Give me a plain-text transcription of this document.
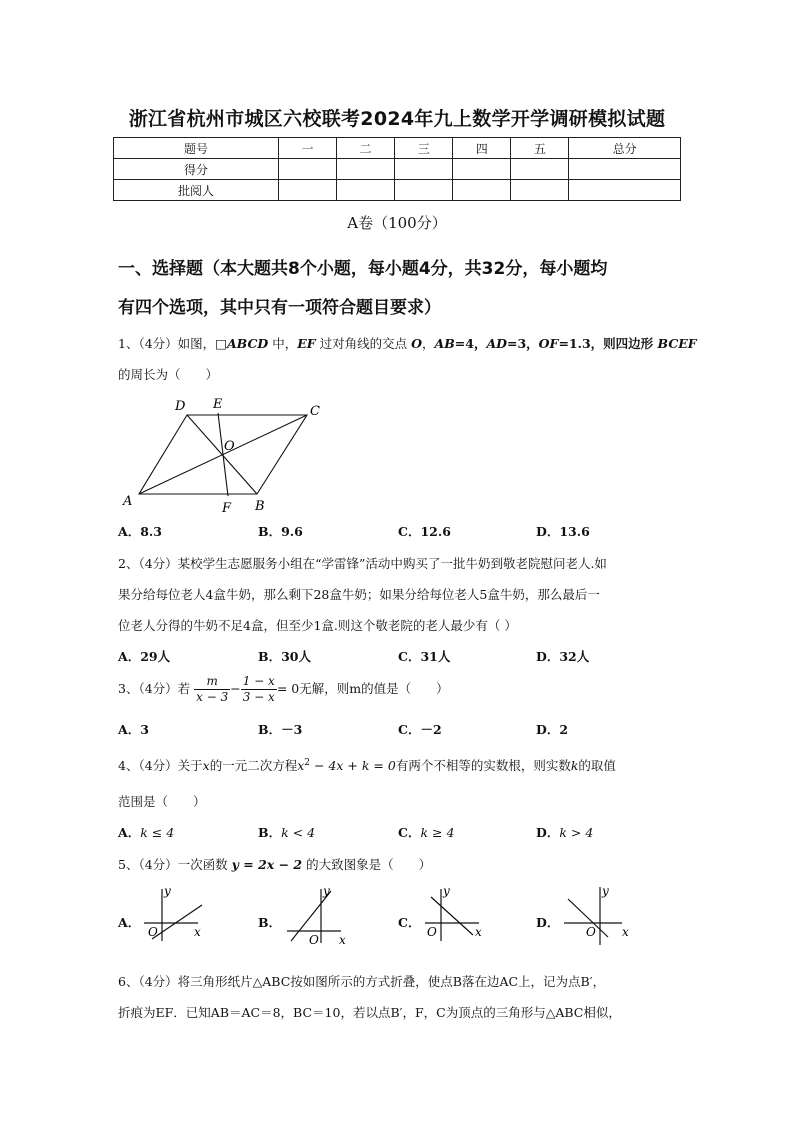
浙江省杭州市城区六校联考2024年九上数学开学调研模拟试题
题号	一	二	三	四	五	总分
得分						
批阅人						
A卷（100分）
一、选择题（本大题共8个小题，每小题4分，共32分，每小题均
有四个选项，其中只有一项符合题目要求）
1、（4分）如图，□ABCD 中，EF 过对角线的交点 O，AB=4，AD=3，OF=1.3，则四边形 BCEF
的周长为（　　）
A	B
C
D E
F
O
A．8.3	B．9.6	C．12.6	D．13.6
2、（4分）某校学生志愿服务小组在“学雷锋”活动中购买了一批牛奶到敬老院慰问老人.如
果分给每位老人4盒牛奶，那么剩下28盒牛奶；如果分给每位老人5盒牛奶，那么最后一
位老人分得的牛奶不足4盒，但至少1盒.则这个敬老院的老人最少有（ ）
A．29人	B．30人	C．31人	D．32人
3、（4分）若 $\frac{m}{x - 3} - \frac{1 - x}{3 - x} = 0$无解，则m的值是（　　）
A．3	B．－3	C．－2	D．2
4、（4分）关于x的一元二次方程$x^2 - 4x + k = 0$有两个不相等的实数根，则实数k的取值
范围是（　　）
A．k ≤ 4	B．k < 4	C．k ≥ 4	D．k > 4
5、（4分）一次函数 y = 2x − 2 的大致图象是（　　）
A．	B．	C．	D．
y
x
O
y
x
O
y
x
O
y
x
O
6、（4分）将三角形纸片△ABC按如图所示的方式折叠，使点B落在边AC上，记为点B′，
折痕为EF．已知AB＝AC＝8，BC＝10，若以点B′，F，C为顶点的三角形与△ABC相似，
